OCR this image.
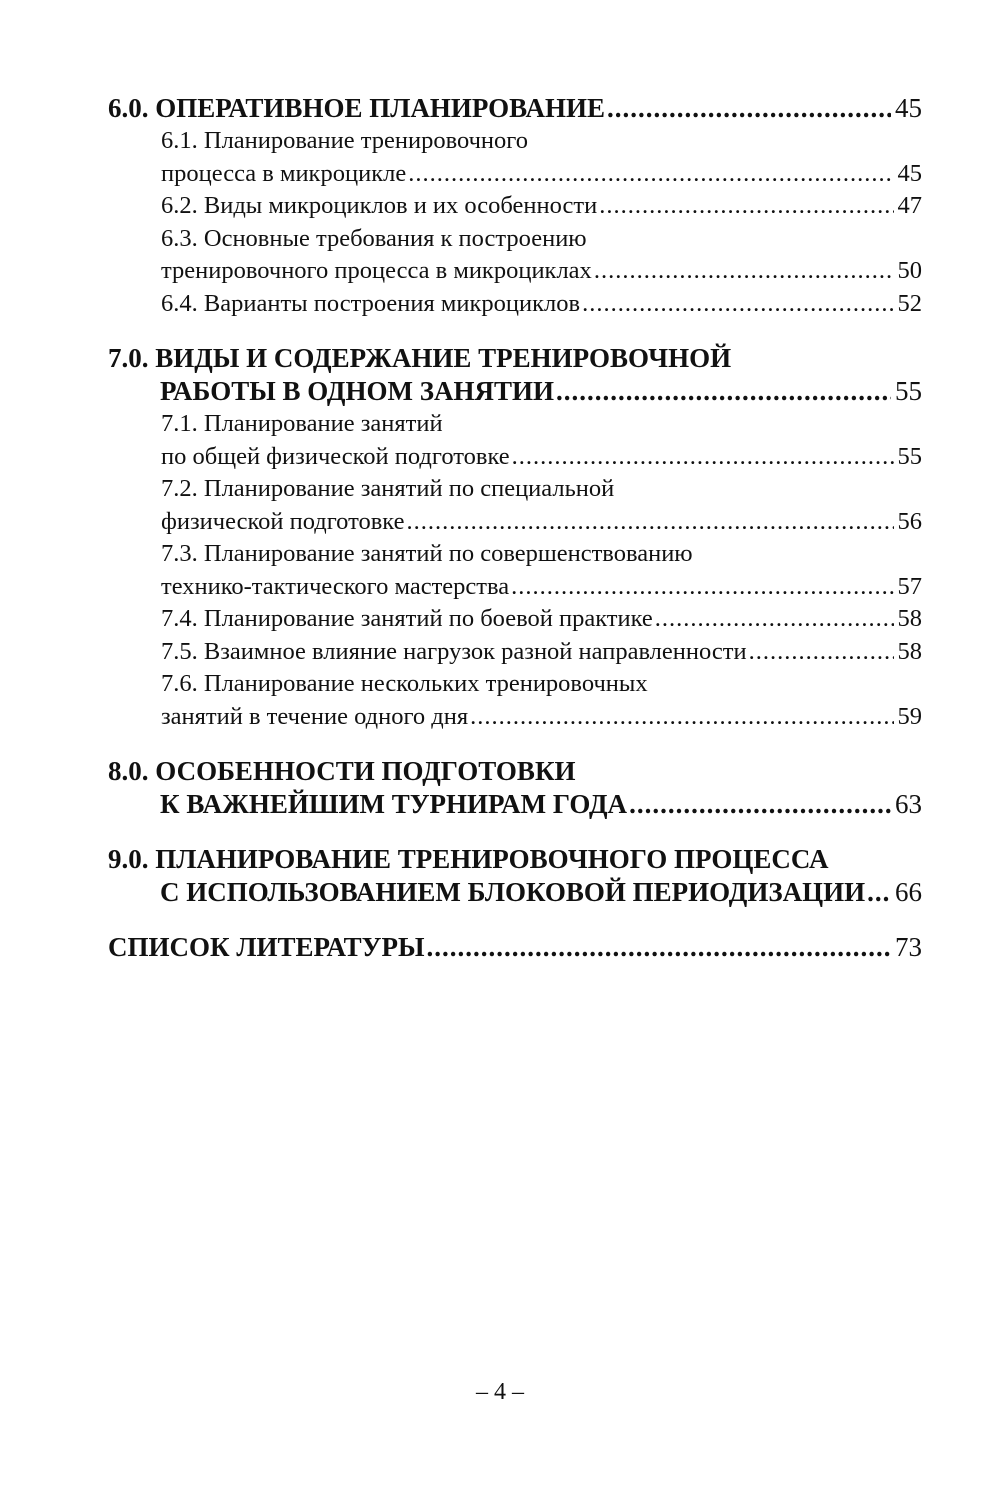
6.0. ОПЕРАТИВНОЕ ПЛАНИРОВАНИЕ .....	45
6.1. Планирование тренировочного
процесса в микроцикле .....	45
6.2. Виды микроциклов и их особенности .....	47
6.3. Основные требования к построению
тренировочного процесса в микроциклах .....	50
6.4. Варианты построения микроциклов .....	52
7.0. ВИДЫ И СОДЕРЖАНИЕ ТРЕНИРОВОЧНОЙ
РАБОТЫ В ОДНОМ ЗАНЯТИИ .....	55
7.1. Планирование занятий
по общей физической подготовке .....	55
7.2. Планирование занятий по специальной
физической подготовке .....	56
7.3. Планирование занятий по совершенствованию
технико-тактического мастерства .....	57
7.4. Планирование занятий по боевой практике .....	58
7.5. Взаимное влияние нагрузок разной направленности .....	58
7.6. Планирование нескольких тренировочных
занятий в течение одного дня .....	59
8.0. ОСОБЕННОСТИ ПОДГОТОВКИ
К ВАЖНЕЙШИМ ТУРНИРАМ ГОДА .....	63
9.0. ПЛАНИРОВАНИЕ ТРЕНИРОВОЧНОГО ПРОЦЕССА
С ИСПОЛЬЗОВАНИЕМ БЛОКОВОЙ ПЕРИОДИЗАЦИИ ..... 66
СПИСОК ЛИТЕРАТУРЫ .....	73
– 4 –
